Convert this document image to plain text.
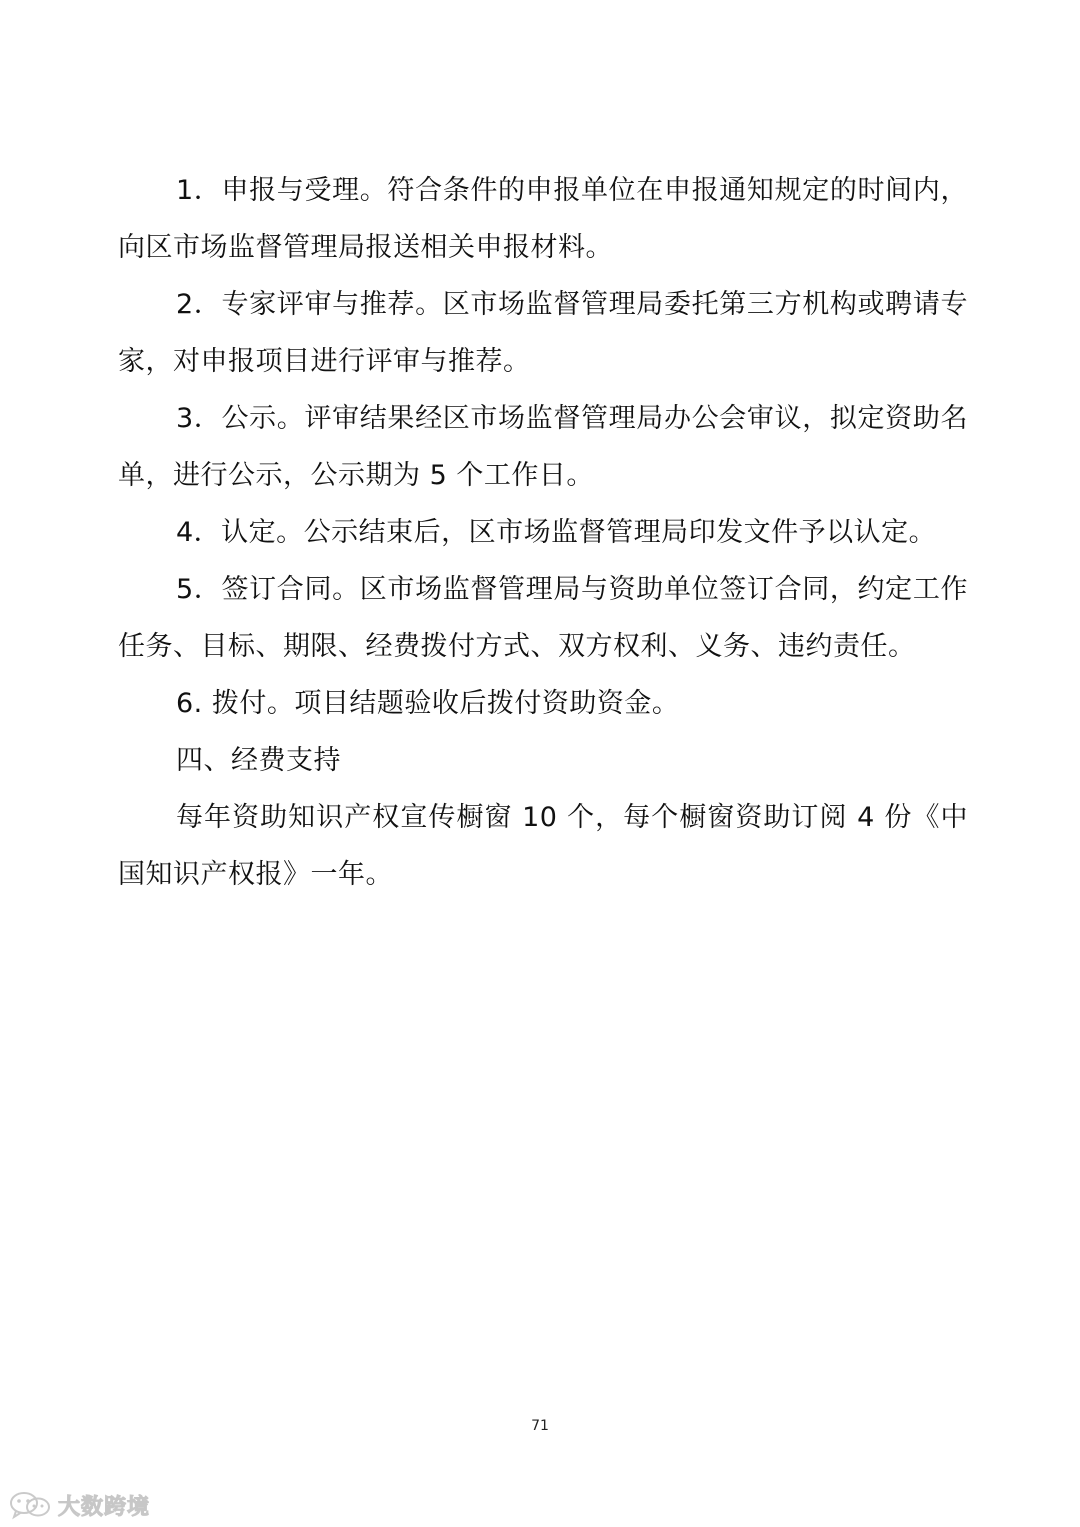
1．申报与受理。符合条件的申报单位在申报通知规定的时间内，向区市场监督管理局报送相关申报材料。

2．专家评审与推荐。区市场监督管理局委托第三方机构或聘请专家，对申报项目进行评审与推荐。

3．公示。评审结果经区市场监督管理局办公会审议，拟定资助名单，进行公示，公示期为 5 个工作日。

4．认定。公示结束后，区市场监督管理局印发文件予以认定。

5．签订合同。区市场监督管理局与资助单位签订合同，约定工作任务、目标、期限、经费拨付方式、双方权利、义务、违约责任。

6. 拨付。项目结题验收后拨付资助资金。

四、经费支持

每年资助知识产权宣传橱窗 10 个，每个橱窗资助订阅 4 份《中国知识产权报》一年。

71
大数跨境
